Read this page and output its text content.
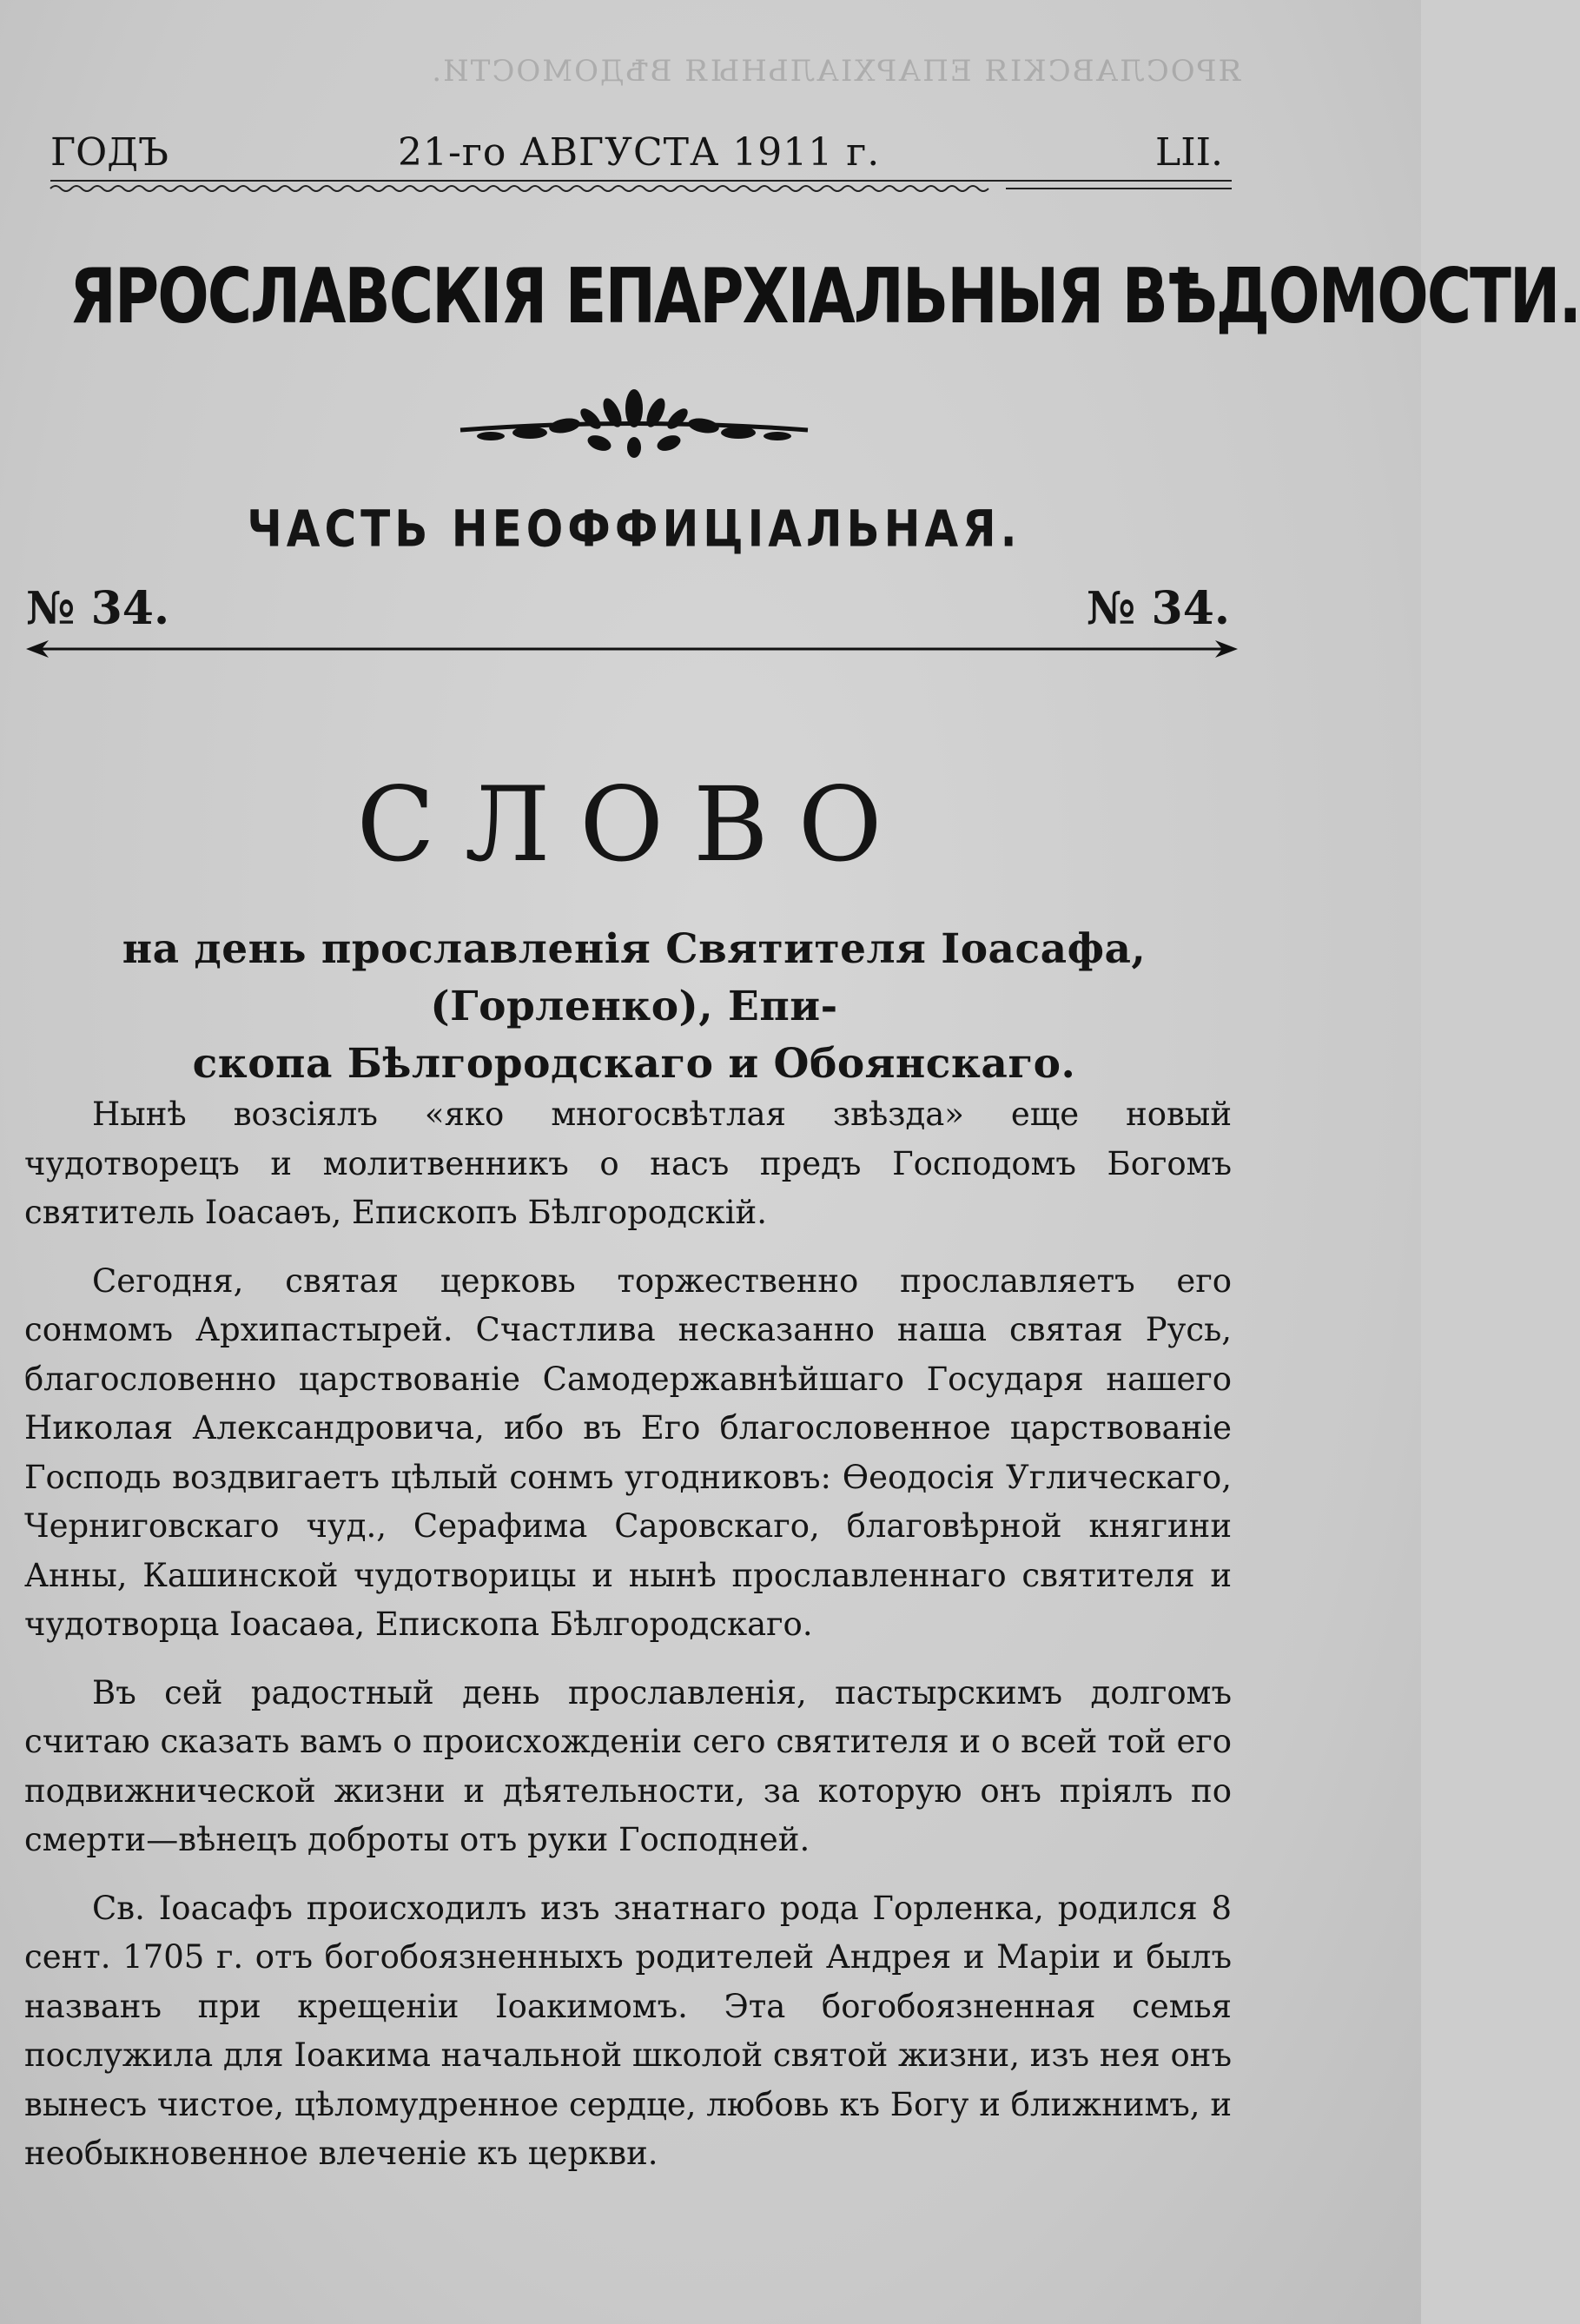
ЯРОСЛАВСКІЯ ЕПАРХІАЛЬНЫЯ ВѢДОМОСТИ.
ГОДЪ	21-го АВГУСТА 1911 г.	LII.
ЯРОСЛАВСКІЯ ЕПАРХІАЛЬНЫЯ ВѢДОМОСТИ.
ЧАСТЬ НЕОФФИЦІАЛЬНАЯ.
№ 34.	№ 34.
СЛОВО
на день прославленія Святителя Іоасафа, (Горленко), Епи-
скопа Бѣлгородскаго и Обоянскаго.

Нынѣ возсіялъ «яко многосвѣтлая звѣзда» еще новый чудотворецъ и молитвенникъ о насъ предъ Господомъ Богомъ святитель Іоасаѳъ, Епископъ Бѣлгородскій.

Сегодня, святая церковь торжественно прославляетъ его сонмомъ Архипастырей. Счастлива несказанно наша святая Русь, благословенно царствованіе Самодержавнѣйшаго Государя нашего Николая Александровича, ибо въ Его благословенное царствованіе Господь воздвигаетъ цѣлый сонмъ угодниковъ: Ѳеодосія Углическаго, Черниговскаго чуд., Серафима Саровскаго, благовѣрной княгини Анны, Кашинской чудотворицы и нынѣ прославленнаго святителя и чудотворца Іоасаѳа, Епископа Бѣлгородскаго.

Въ сей радостный день прославленія, пастырскимъ долгомъ считаю сказать вамъ о происхожденіи сего святителя и о всей той его подвижнической жизни и дѣятельности, за которую онъ пріялъ по смерти—вѣнецъ доброты отъ руки Господней.

Св. Іоасафъ происходилъ изъ знатнаго рода Горленка, родился 8 сент. 1705 г. отъ богобоязненныхъ родителей Андрея и Маріи и былъ названъ при крещеніи Іоакимомъ. Эта богобоязненная семья послужила для Іоакима начальной школой святой жизни, изъ нея онъ вынесъ чистое, цѣломудренное сердце, любовь къ Богу и ближнимъ, и необыкновенное влеченіе къ церкви.
